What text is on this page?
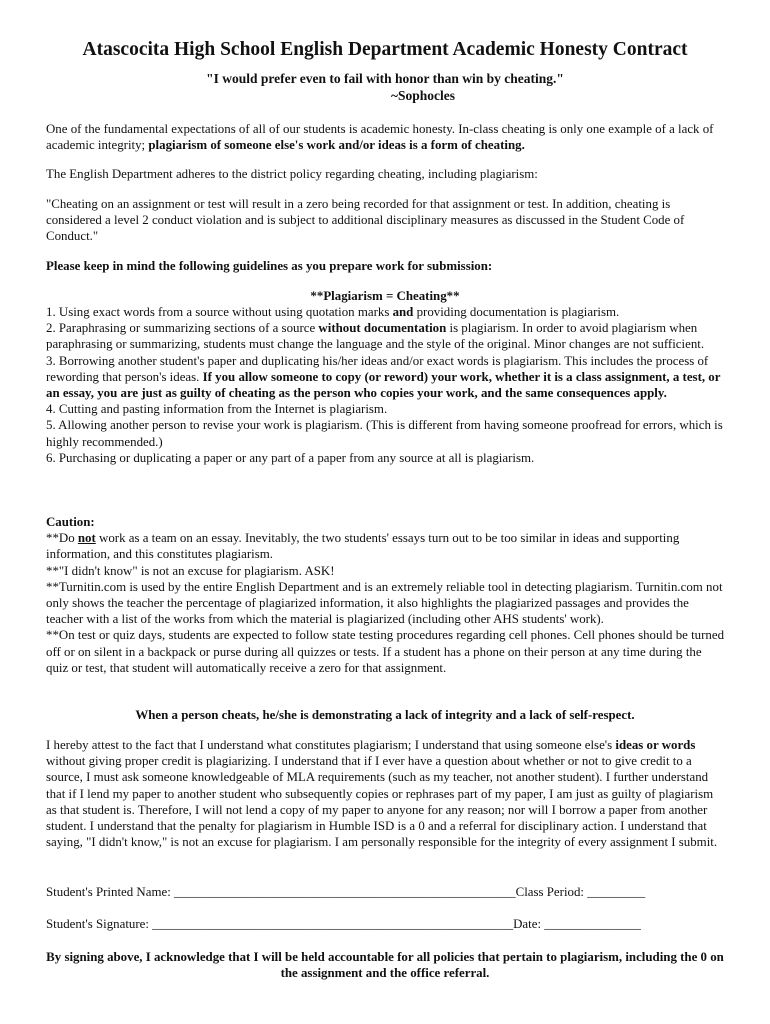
Atascocita High School English Department Academic Honesty Contract
"I would prefer even to fail with honor than win by cheating."
~Sophocles

One of the fundamental expectations of all of our students is academic honesty. In-class cheating is only one example of a lack of academic integrity; plagiarism of someone else's work and/or ideas is a form of cheating.

The English Department adheres to the district policy regarding cheating, including plagiarism:

"Cheating on an assignment or test will result in a zero being recorded for that assignment or test. In addition, cheating is considered a level 2 conduct violation and is subject to additional disciplinary measures as discussed in the Student Code of Conduct."

Please keep in mind the following guidelines as you prepare work for submission:

**Plagiarism = Cheating**
1. Using exact words from a source without using quotation marks and providing documentation is plagiarism.
2. Paraphrasing or summarizing sections of a source without documentation is plagiarism. In order to avoid plagiarism when paraphrasing or summarizing, students must change the language and the style of the original. Minor changes are not sufficient.
3. Borrowing another student's paper and duplicating his/her ideas and/or exact words is plagiarism. This includes the process of rewording that person's ideas. If you allow someone to copy (or reword) your work, whether it is a class assignment, a test, or an essay, you are just as guilty of cheating as the person who copies your work, and the same consequences apply.
4. Cutting and pasting information from the Internet is plagiarism.
5. Allowing another person to revise your work is plagiarism. (This is different from having someone proofread for errors, which is highly recommended.)
6. Purchasing or duplicating a paper or any part of a paper from any source at all is plagiarism.
Caution:
**Do not work as a team on an essay. Inevitably, the two students' essays turn out to be too similar in ideas and supporting information, and this constitutes plagiarism.
**"I didn't know" is not an excuse for plagiarism. ASK!
**Turnitin.com is used by the entire English Department and is an extremely reliable tool in detecting plagiarism. Turnitin.com not only shows the teacher the percentage of plagiarized information, it also highlights the plagiarized passages and provides the teacher with a list of the works from which the material is plagiarized (including other AHS students' work).
**On test or quiz days, students are expected to follow state testing procedures regarding cell phones. Cell phones should be turned off or on silent in a backpack or purse during all quizzes or tests. If a student has a phone on their person at any time during the quiz or test, that student will automatically receive a zero for that assignment.
When a person cheats, he/she is demonstrating a lack of integrity and a lack of self-respect.

I hereby attest to the fact that I understand what constitutes plagiarism; I understand that using someone else's ideas or words without giving proper credit is plagiarizing. I understand that if I ever have a question about whether or not to give credit to a source, I must ask someone knowledgeable of MLA requirements (such as my teacher, not another student). I further understand that if I lend my paper to another student who subsequently copies or rephrases part of my paper, I am just as guilty of plagiarism as that student is. Therefore, I will not lend a copy of my paper to anyone for any reason; nor will I borrow a paper from another student. I understand that the penalty for plagiarism in Humble ISD is a 0 and a referral for disciplinary action. I understand that saying, "I didn't know," is not an excuse for plagiarism. I am personally responsible for the integrity of every assignment I submit.

Student's Printed Name: _____________________________________________________Class Period: _________
Student's Signature: ________________________________________________________Date: _______________
By signing above, I acknowledge that I will be held accountable for all policies that pertain to plagiarism, including the 0 on the assignment and the office referral.
